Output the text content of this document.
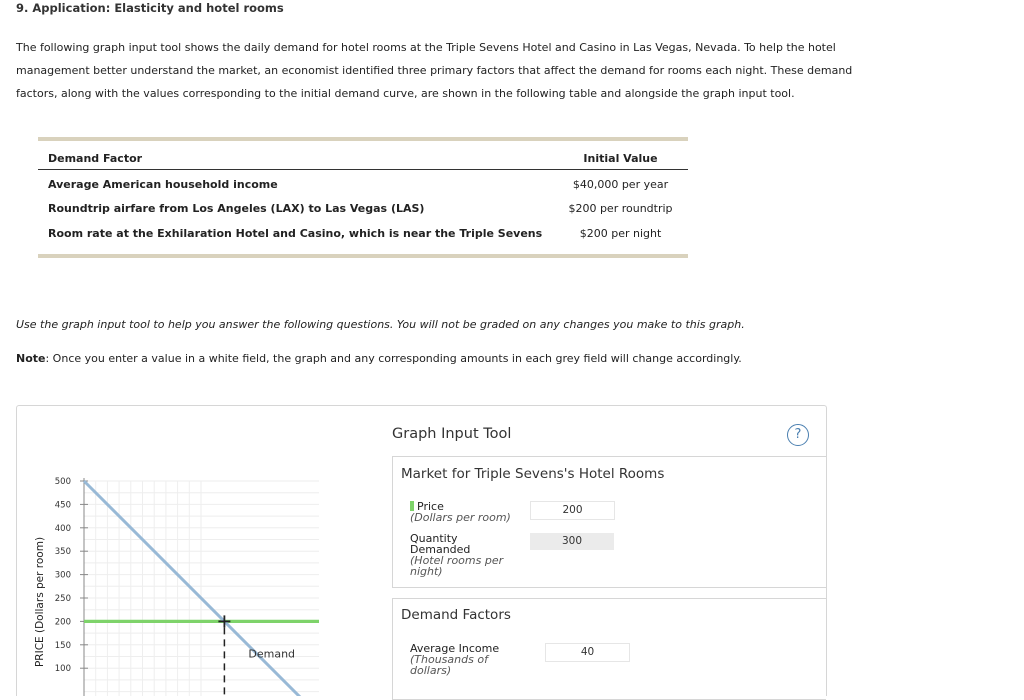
9. Application: Elasticity and hotel rooms
The following graph input tool shows the daily demand for hotel rooms at the Triple Sevens Hotel and Casino in Las Vegas, Nevada. To help the hotel management better understand the market, an economist identified three primary factors that affect the demand for rooms each night. These demand factors, along with the values corresponding to the initial demand curve, are shown in the following table and alongside the graph input tool.
Demand Factor	Initial Value
Average American household income	$40,000 per year
Roundtrip airfare from Los Angeles (LAX) to Las Vegas (LAS)	$200 per roundtrip
Room rate at the Exhilaration Hotel and Casino, which is near the Triple Sevens	$200 per night
Use the graph input tool to help you answer the following questions. You will not be graded on any changes you make to this graph.
Note: Once you enter a value in a white field, the graph and any corresponding amounts in each grey field will change accordingly.
500
450
400
350
300
250
200
150
100
PRICE (Dollars per room)	Demand
Graph Input Tool	?
Market for Triple Sevens's Hotel Rooms
Price
(Dollars per room)
200
Quantity
Demanded
(Hotel rooms per
night)
300
Demand Factors
Average Income
(Thousands of
dollars)
40
